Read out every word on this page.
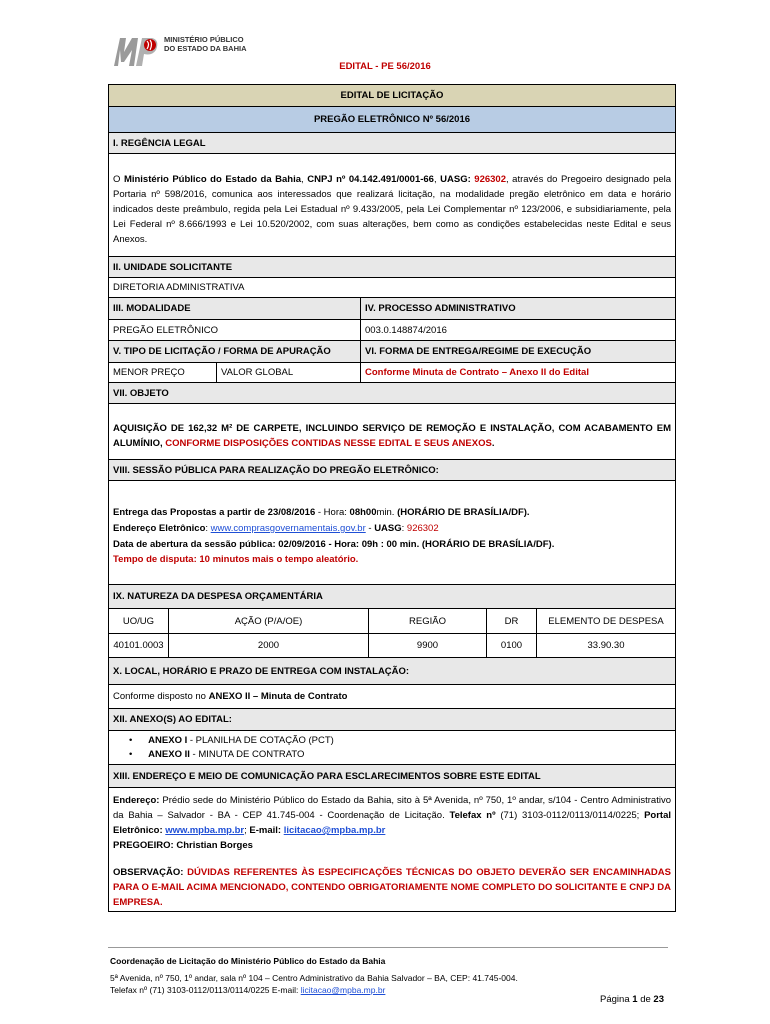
MINISTÉRIO PÚBLICO
DO ESTADO DA BAHIA
EDITAL - PE 56/2016
EDITAL DE LICITAÇÃO
PREGÃO ELETRÔNICO Nº 56/2016
I. REGÊNCIA LEGAL
O Ministério Público do Estado da Bahia, CNPJ nº 04.142.491/0001-66, UASG: 926302, através do Pregoeiro designado pela Portaria nº 598/2016, comunica aos interessados que realizará licitação, na modalidade pregão eletrônico em data e horário indicados deste preâmbulo, regida pela Lei Estadual nº 9.433/2005, pela Lei Complementar nº 123/2006, e subsidiariamente, pela Lei Federal nº 8.666/1993 e Lei 10.520/2002, com suas alterações, bem como as condições estabelecidas neste Edital e seus Anexos.
II. UNIDADE SOLICITANTE
DIRETORIA ADMINISTRATIVA
III. MODALIDADE	IV. PROCESSO ADMINISTRATIVO
PREGÃO ELETRÔNICO	003.0.148874/2016
V. TIPO DE LICITAÇÃO / FORMA DE APURAÇÃO	VI. FORMA DE ENTREGA/REGIME DE EXECUÇÃO
MENOR PREÇO	VALOR GLOBAL	Conforme Minuta de Contrato – Anexo II do Edital
VII. OBJETO
AQUISIÇÃO DE 162,32 M² DE CARPETE, INCLUINDO SERVIÇO DE REMOÇÃO E INSTALAÇÃO, COM ACABAMENTO EM ALUMÍNIO, CONFORME DISPOSIÇÕES CONTIDAS NESSE EDITAL E SEUS ANEXOS.
VIII. SESSÃO PÚBLICA PARA REALIZAÇÃO DO PREGÃO ELETRÔNICO:
Entrega das Propostas a partir de 23/08/2016 - Hora: 08h00min. (HORÁRIO DE BRASÍLIA/DF).
Endereço Eletrônico: www.comprasgovernamentais.gov.br - UASG: 926302
Data de abertura da sessão pública: 02/09/2016 - Hora: 09h : 00 min. (HORÁRIO DE BRASÍLIA/DF).
Tempo de disputa: 10 minutos mais o tempo aleatório.
IX. NATUREZA DA DESPESA ORÇAMENTÁRIA
UO/UG	AÇÃO (P/A/OE)	REGIÃO	DR	ELEMENTO DE DESPESA
40101.0003	2000	9900	0100	33.90.30
X. LOCAL, HORÁRIO E PRAZO DE ENTREGA COM INSTALAÇÃO:
Conforme disposto no ANEXO II – Minuta de Contrato
XII. ANEXO(S) AO EDITAL:
•      ANEXO I - PLANILHA DE COTAÇÃO (PCT)
•      ANEXO II - MINUTA DE CONTRATO
XIII. ENDEREÇO E MEIO DE COMUNICAÇÃO PARA ESCLARECIMENTOS SOBRE ESTE EDITAL
Endereço: Prédio sede do Ministério Público do Estado da Bahia, sito à 5ª Avenida, nº 750, 1º andar, s/104 - Centro Administrativo da Bahia – Salvador - BA - CEP 41.745-004 - Coordenação de Licitação. Telefax nº (71) 3103-0112/0113/0114/0225; Portal Eletrônico: www.mpba.mp.br; E-mail: licitacao@mpba.mp.br
PREGOEIRO: Christian Borges
OBSERVAÇÃO: DÚVIDAS REFERENTES ÀS ESPECIFICAÇÕES TÉCNICAS DO OBJETO DEVERÃO SER ENCAMINHADAS PARA O E-MAIL ACIMA MENCIONADO, CONTENDO OBRIGATORIAMENTE NOME COMPLETO DO SOLICITANTE E CNPJ DA EMPRESA.
Coordenação de Licitação do Ministério Público do Estado da Bahia
5ª Avenida, nº 750, 1º andar, sala nº 104 – Centro Administrativo da Bahia Salvador – BA, CEP: 41.745-004.
Telefax nº (71) 3103-0112/0113/0114/0225 E-mail: licitacao@mpba.mp.br
Página 1 de 23
